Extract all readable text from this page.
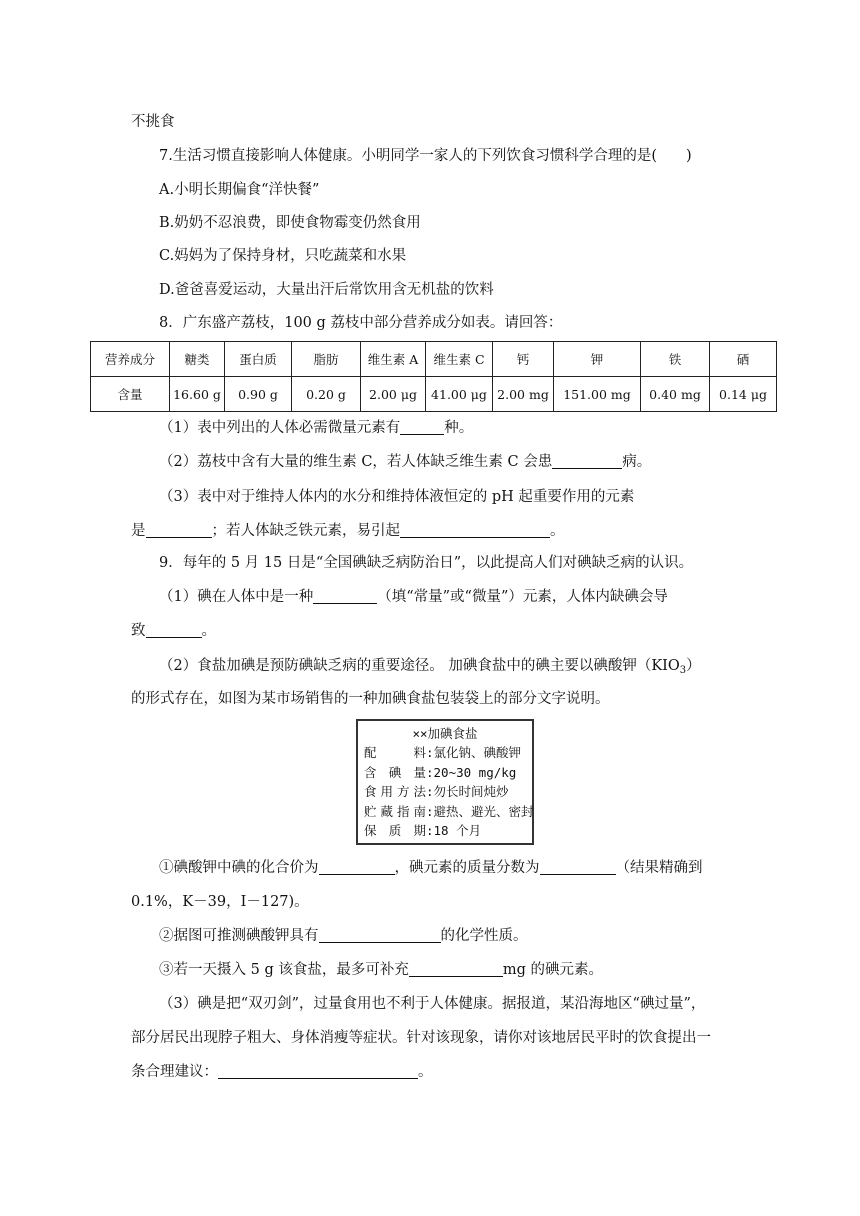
不挑食
7.生活习惯直接影响人体健康。小明同学一家人的下列饮食习惯科学合理的是(　　)
A.小明长期偏食“洋快餐”
B.奶奶不忍浪费，即使食物霉变仍然食用
C.妈妈为了保持身材，只吃蔬菜和水果
D.爸爸喜爱运动，大量出汗后常饮用含无机盐的饮料
8．广东盛产荔枝，100 g 荔枝中部分营养成分如表。请回答：
营养成分	糖类	蛋白质	脂肪	维生素 A	维生素 C	钙	钾	铁	硒
含量	16.60 g	0.90 g	0.20 g	2.00 μg	41.00 μg	2.00 mg	151.00 mg	0.40 mg	0.14 μg
（1）表中列出的人体必需微量元素有	种。
（2）荔枝中含有大量的维生素 C，若人体缺乏维生素 C 会患	病。
（3）表中对于维持人体内的水分和维持体液恒定的 pH 起重要作用的元素
是	；若人体缺乏铁元素，易引起	。
9．每年的 5 月 15 日是“全国碘缺乏病防治日”，以此提高人们对碘缺乏病的认识。
（1）碘在人体中是一种	（填“常量”或“微量”）元素，人体内缺碘会导
致	。
（2）食盐加碘是预防碘缺乏病的重要途径。 加碘食盐中的碘主要以碘酸钾$(KIO_3)$
的形式存在，如图为某市场销售的一种加碘食盐包装袋上的部分文字说明。
××加碘食盐
配料:氯化钠、碘酸钾
含碘量:20~30 mg/kg
食用方法:勿长时间炖炒
贮藏指南:避热、避光、密封
保质期:18 个月
①碘酸钾中碘的化合价为	，碘元素的质量分数为	（结果精确到
0.1%，K－39，I－127)。
②据图可推测碘酸钾具有	的化学性质。
③若一天摄入 5 g 该食盐，最多可补充	mg 的碘元素。
（3）碘是把“双刃剑”，过量食用也不利于人体健康。据报道，某沿海地区“碘过量”，
部分居民出现脖子粗大、身体消瘦等症状。针对该现象，请你对该地居民平时的饮食提出一
条合理建议：	。
